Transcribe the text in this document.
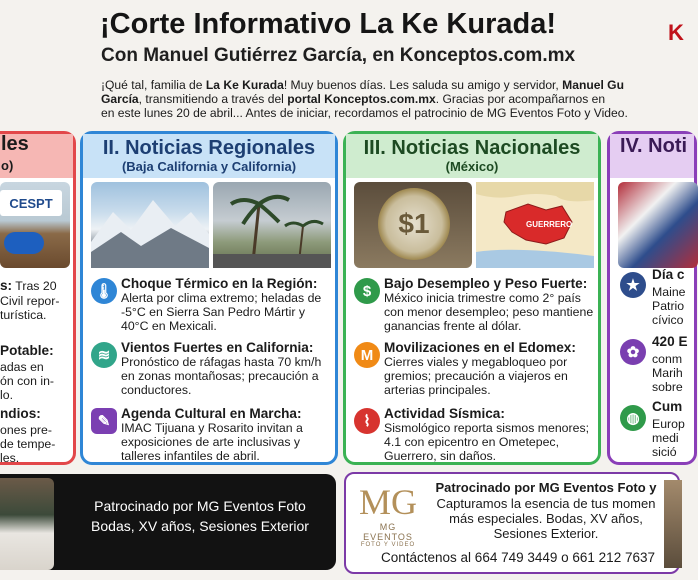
¡Corte Informativo La Ke Kurada!
Con Manuel Gutiérrez García, en Konceptos.com.mx
K
¡Qué tal, familia de La Ke Kurada! Muy buenos días. Les saluda su amigo y servidor, Manuel Gu
García, transmitiendo a través del portal Konceptos.com.mx. Gracias por acompañarnos en
en este lunes 20 de abril... Antes de iniciar, recordamos el patrocinio de MG Eventos Foto y Video.
les
o)
CESPT
s: Tras 20
Civil repor-
turística.
Potable:
adas en
ón con in-
lo.
ndios:
ones pre-
de tempe-
les.
II. Noticias Regionales
(Baja California y California)
🌡 Choque Térmico en la Región:
Alerta por clima extremo; heladas de -5°C en Sierra San Pedro Mártir y 40°C en Mexicali.
≋ Vientos Fuertes en California:
Pronóstico de ráfagas hasta 70 km/h en zonas montañosas; precaución a conductores.
✎ Agenda Cultural en Marcha:
IMAC Tijuana y Rosarito invitan a exposiciones de arte inclusivas y talleres infantiles de abril.
III. Noticias Nacionales
(México)
$1	GUERRERO
$ Bajo Desempleo y Peso Fuerte:
México inicia trimestre como 2° país con menor desempleo; peso mantiene ganancias frente al dólar.
M Movilizaciones en el Edomex:
Cierres viales y megabloqueo por gremios; precaución a viajeros en arterias principales.
⌇ Actividad Sísmica:
Sismológico reporta sismos menores; 4.1 con epicentro en Ometepec, Guerrero, sin daños.
IV. Noti
★
Día c
Maine
Patrio
cívico
✿
420 E
conm
Marih
sobre
◍
Cum
Europ
medi
sició
Patrocinado por MG Eventos Foto
Bodas, XV años, Sesiones Exterior
MG
MG EVENTOS
FOTO Y VIDEO
Patrocinado por MG Eventos Foto y
Capturamos la esencia de tus momen
más especiales. Bodas, XV años,
Sesiones Exterior.
Contáctenos al 664 749 3449 o 661 212 7637
